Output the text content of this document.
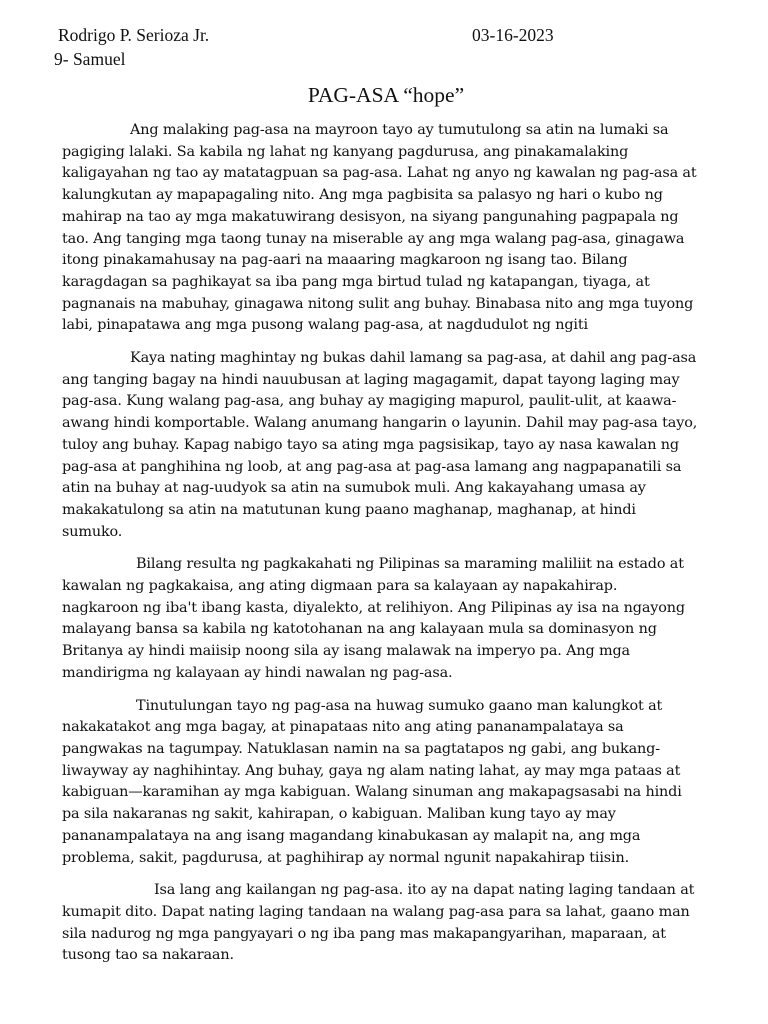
Rodrigo P. Serioza Jr.	03-16-2023
9- Samuel
PAG-ASA “hope”

Ang malaking pag-asa na mayroon tayo ay tumutulong sa atin na lumaki sa pagiging lalaki. Sa kabila ng lahat ng kanyang pagdurusa, ang pinakamalaking kaligayahan ng tao ay matatagpuan sa pag-asa. Lahat ng anyo ng kawalan ng pag-asa at kalungkutan ay mapapagaling nito. Ang mga pagbisita sa palasyo ng hari o kubo ng mahirap na tao ay mga makatuwirang desisyon, na siyang pangunahing pagpapala ng tao. Ang tanging mga taong tunay na miserable ay ang mga walang pag-asa, ginagawa itong pinakamahusay na pag-aari na maaaring magkaroon ng isang tao. Bilang karagdagan sa paghikayat sa iba pang mga birtud tulad ng katapangan, tiyaga, at pagnanais na mabuhay, ginagawa nitong sulit ang buhay. Binabasa nito ang mga tuyong labi, pinapatawa ang mga pusong walang pag-asa, at nagdudulot ng ngiti

Kaya nating maghintay ng bukas dahil lamang sa pag-asa, at dahil ang pag-asa ang tanging bagay na hindi nauubusan at laging magagamit, dapat tayong laging may pag-asa. Kung walang pag-asa, ang buhay ay magiging mapurol, paulit-ulit, at kaawa-awang hindi komportable. Walang anumang hangarin o layunin. Dahil may pag-asa tayo, tuloy ang buhay. Kapag nabigo tayo sa ating mga pagsisikap, tayo ay nasa kawalan ng pag-asa at panghihina ng loob, at ang pag-asa at pag-asa lamang ang nagpapanatili sa atin na buhay at nag-uudyok sa atin na sumubok muli. Ang kakayahang umasa ay makakatulong sa atin na matutunan kung paano maghanap, maghanap, at hindi sumuko.

Bilang resulta ng pagkakahati ng Pilipinas sa maraming maliliit na estado at kawalan ng pagkakaisa, ang ating digmaan para sa kalayaan ay napakahirap. nagkaroon ng iba't ibang kasta, diyalekto, at relihiyon. Ang Pilipinas ay isa na ngayong malayang bansa sa kabila ng katotohanan na ang kalayaan mula sa dominasyon ng Britanya ay hindi maiisip noong sila ay isang malawak na imperyo pa. Ang mga mandirigma ng kalayaan ay hindi nawalan ng pag-asa.

Tinutulungan tayo ng pag-asa na huwag sumuko gaano man kalungkot at nakakatakot ang mga bagay, at pinapataas nito ang ating pananampalataya sa pangwakas na tagumpay. Natuklasan namin na sa pagtatapos ng gabi, ang bukang-liwayway ay naghihintay. Ang buhay, gaya ng alam nating lahat, ay may mga pataas at kabiguan—karamihan ay mga kabiguan. Walang sinuman ang makapagsasabi na hindi pa sila nakaranas ng sakit, kahirapan, o kabiguan. Maliban kung tayo ay may pananampalataya na ang isang magandang kinabukasan ay malapit na, ang mga problema, sakit, pagdurusa, at paghihirap ay normal ngunit napakahirap tiisin.

Isa lang ang kailangan ng pag-asa. ito ay na dapat nating laging tandaan at kumapit dito. Dapat nating laging tandaan na walang pag-asa para sa lahat, gaano man sila nadurog ng mga pangyayari o ng iba pang mas makapangyarihan, maparaan, at tusong tao sa nakaraan.
